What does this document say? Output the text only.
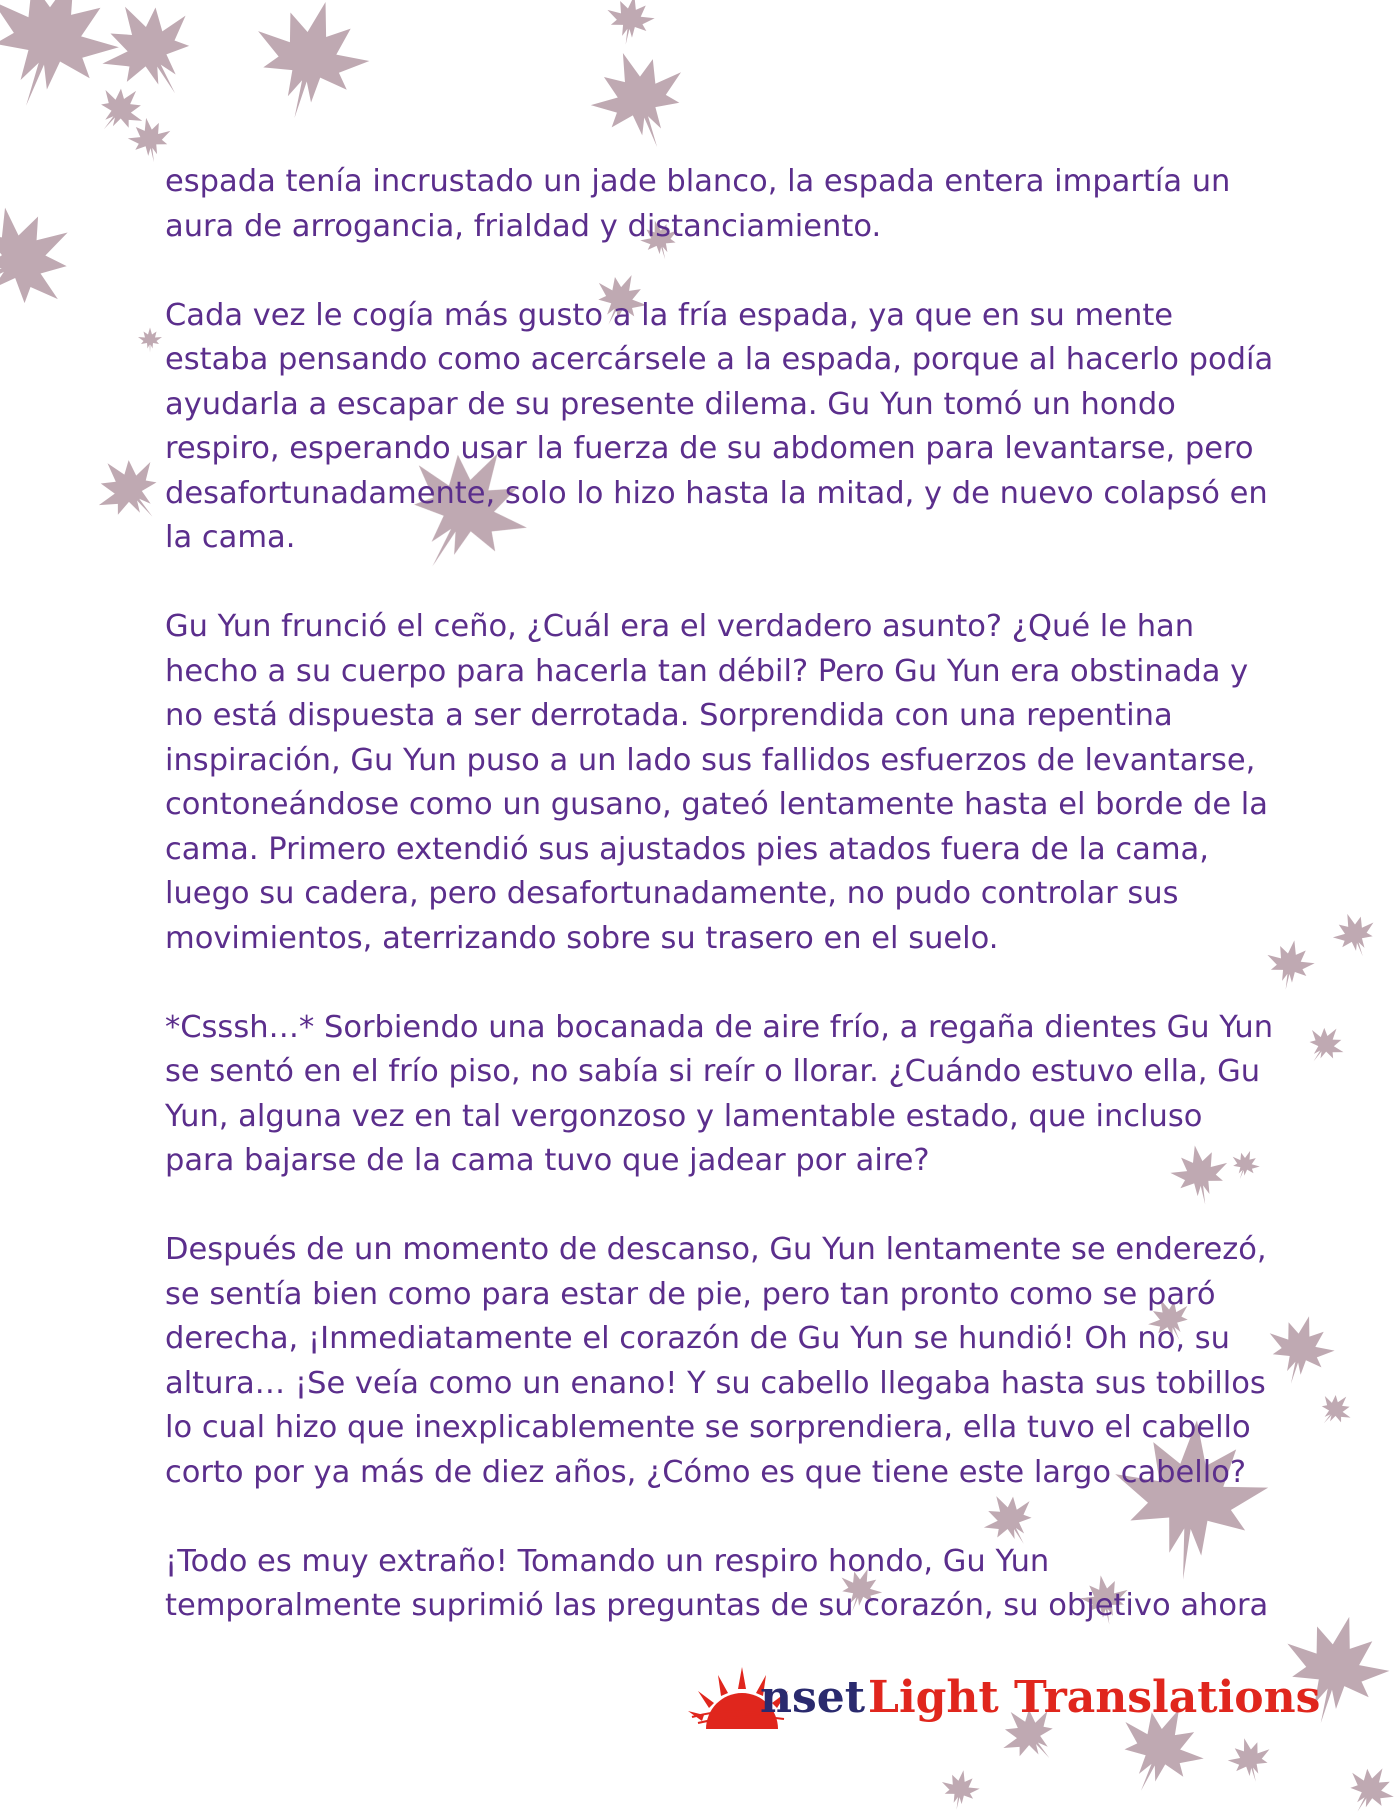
espada tenía incrustado un jade blanco, la espada entera impartía un aura de arrogancia, frialdad y distanciamiento.

Cada vez le cogía más gusto a la fría espada, ya que en su mente estaba pensando como acercársele a la espada, porque al hacerlo podía ayudarla a escapar de su presente dilema. Gu Yun tomó un hondo respiro, esperando usar la fuerza de su abdomen para levantarse, pero desafortunadamente, solo lo hizo hasta la mitad, y de nuevo colapsó en la cama.

Gu Yun frunció el ceño, ¿Cuál era el verdadero asunto? ¿Qué le han hecho a su cuerpo para hacerla tan débil? Pero Gu Yun era obstinada y no está dispuesta a ser derrotada. Sorprendida con una repentina inspiración, Gu Yun puso a un lado sus fallidos esfuerzos de levantarse, contoneándose como un gusano, gateó lentamente hasta el borde de la cama. Primero extendió sus ajustados pies atados fuera de la cama, luego su cadera, pero desafortunadamente, no pudo controlar sus movimientos, aterrizando sobre su trasero en el suelo.

*Csssh…* Sorbiendo una bocanada de aire frío, a regaña dientes Gu Yun se sentó en el frío piso, no sabía si reír o llorar. ¿Cuándo estuvo ella, Gu Yun, alguna vez en tal vergonzoso y lamentable estado, que incluso para bajarse de la cama tuvo que jadear por aire?

Después de un momento de descanso, Gu Yun lentamente se enderezó, se sentía bien como para estar de pie, pero tan pronto como se paró derecha, ¡Inmediatamente el corazón de Gu Yun se hundió! Oh no, su altura… ¡Se veía como un enano! Y su cabello llegaba hasta sus tobillos lo cual hizo que inexplicablemente se sorprendiera, ella tuvo el cabello corto por ya más de diez años, ¿Cómo es que tiene este largo cabello?

¡Todo es muy extraño! Tomando un respiro hondo, Gu Yun temporalmente suprimió las preguntas de su corazón, su objetivo ahora

nset Light Translations
